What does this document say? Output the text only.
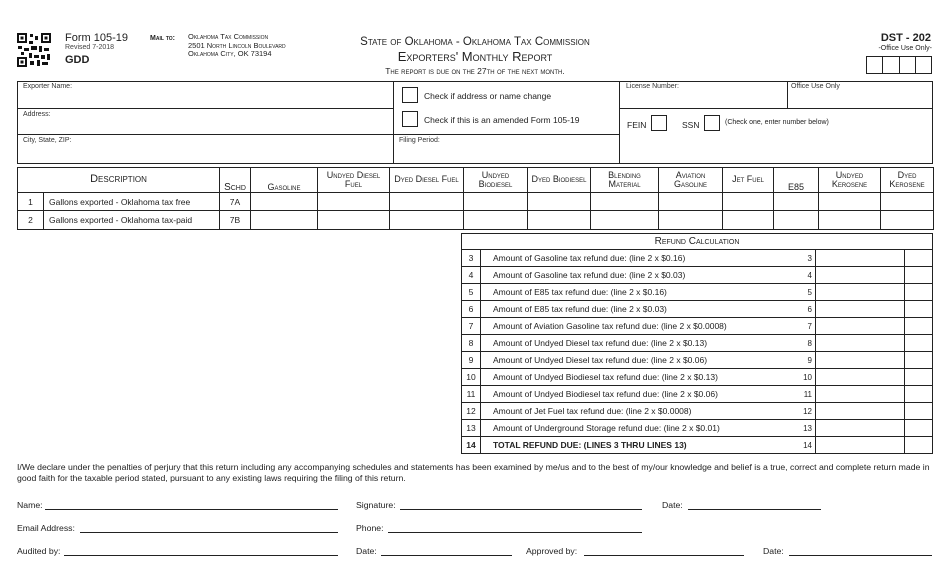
Form 105-19
Revised 7-2018
GDD
Mail to: Oklahoma Tax Commission
2501 North Lincoln Boulevard
Oklahoma City, OK 73194
State of Oklahoma - Oklahoma Tax Commission
Exporters' Monthly Report
The report is due on the 27th of the next month.
DST - 202
-Office Use Only-
Exporter Name:
Address:
City, State, ZIP:
Check if address or name change
Check if this is an amended Form 105-19
Filing Period:
License Number:	Office Use Only
FEIN	SSN	(Check one, enter number below)
Description		Schd	Gasoline	Undyed Diesel Fuel	Dyed Diesel Fuel	Undyed Biodiesel	Dyed Biodiesel	Blending Material	Aviation Gasoline	Jet Fuel	E85	Undyed Kerosene	Dyed Kerosene
1	Gallons exported - Oklahoma tax free	7A											
2	Gallons exported - Oklahoma tax-paid	7B											
Refund Calculation				
3	Amount of Gasoline tax refund due: (line 2 x $0.16)	3		
4	Amount of Gasoline tax refund due: (line 2 x $0.03)	4		
5	Amount of E85 tax refund due: (line 2 x $0.16)	5		
6	Amount of E85 tax refund due: (line 2 x $0.03)	6		
7	Amount of Aviation Gasoline tax refund due: (line 2 x $0.0008)	7		
8	Amount of Undyed Diesel tax refund due: (line 2 x $0.13)	8		
9	Amount of Undyed Diesel tax refund due: (line 2 x $0.06)	9		
10	Amount of Undyed Biodiesel tax refund due: (line 2 x $0.13)	10		
11	Amount of Undyed Biodiesel tax refund due: (line 2 x $0.06)	11		
12	Amount of Jet Fuel tax refund due: (line 2 x $0.0008)	12		
13	Amount of Underground Storage refund due: (line 2 x $0.01)	13		
14	TOTAL REFUND DUE: (LINES 3 THRU LINES 13)	14		
I/We declare under the penalties of perjury that this return including any accompanying schedules and statements has been examined by me/us and to the best of my/our knowledge and belief is a true, correct and complete return made in good faith for the taxable period stated, pursuant to any existing laws requiring the filing of this return.
Name:	Signature:	Date:
Email Address:	Phone:
Audited by:	Date:	Approved by:	Date:
